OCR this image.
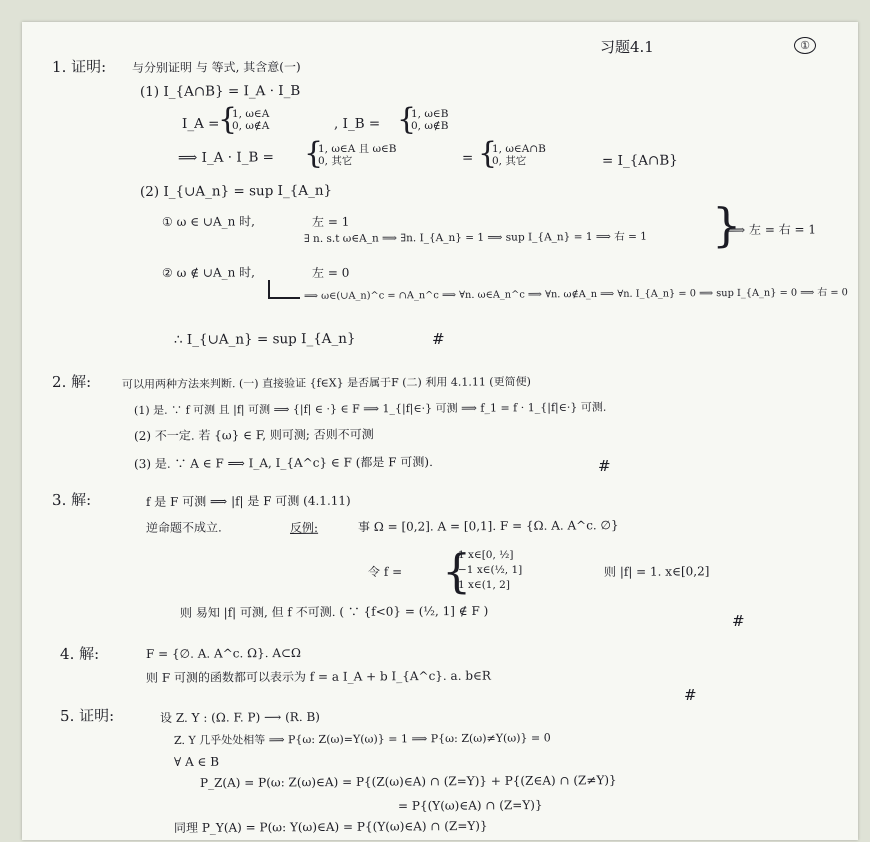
习题4.1	①
1. 证明: 与分别证明 与 等式, 其含意(一)
(1) I_{A∩B} = I_A · I_B
I_A =
{
1, ω∈A
0, ω∉A	, I_B = {
1, ω∈B
0, ω∉B
⟹ I_A · I_B = {
1, ω∈A 且 ω∈B
0, 其它	= {
1, ω∈A∩B
0, 其它	= I_{A∩B}
(2) I_{∪A_n} = sup I_{A_n}
① ω ∈ ∪A_n 时,	左 = 1
∃ n. s.t ω∈A_n ⟹ ∃n. I_{A_n} = 1 ⟹ sup I_{A_n} = 1 ⟹ 右 = 1 }
⟹ 左 = 右 = 1
② ω ∉ ∪A_n 时,	左 = 0
⟹ ω∈(∪A_n)^c = ∩A_n^c ⟹ ∀n. ω∈A_n^c ⟹ ∀n. ω∉A_n ⟹ ∀n. I_{A_n} = 0 ⟹ sup I_{A_n} = 0 ⟹ 右 = 0
∴ I_{∪A_n} = sup I_{A_n}	#
2. 解:	可以用两种方法来判断. (一) 直接验证 {f∈X} 是否属于F (二) 利用 4.1.11 (更简便)
(1) 是. ∵ f 可测 且 |f| 可测 ⟹ {|f| ∈ ·} ∈ F ⟹ 1_{|f|∈·} 可测 ⟹ f_1 = f · 1_{|f|∈·} 可测.
(2) 不一定. 若 {ω} ∈ F, 则可测; 否则不可测
(3) 是. ∵ A ∈ F ⟹ I_A, I_{A^c} ∈ F (都是 F 可测).	#
3. 解:	f 是 F 可测 ⟹ |f| 是 F 可测 (4.1.11)
逆命题不成立.	反例:	事 Ω = [0,2]. A = [0,1]. F = {Ω. A. A^c. ∅}
令 f = {
1 x∈[0, ½]
−1 x∈(½, 1]
1 x∈(1, 2]
则 |f| = 1. x∈[0,2]
则 易知 |f| 可测, 但 f 不可测. ( ∵ {f<0} = (½, 1] ∉ F )
#
4. 解:	F = {∅. A. A^c. Ω}. A⊂Ω
则 F 可测的函数都可以表示为 f = a I_A + b I_{A^c}. a. b∈R
#
5. 证明:	设 Z. Y : (Ω. F. P) ⟶ (R. B)
Z. Y 几乎处处相等 ⟹ P{ω: Z(ω)=Y(ω)} = 1 ⟹ P{ω: Z(ω)≠Y(ω)} = 0
∀ A ∈ B
P_Z(A) = P(ω: Z(ω)∈A) = P{(Z(ω)∈A) ∩ (Z=Y)} + P{(Z∈A) ∩ (Z≠Y)}
= P{(Y(ω)∈A) ∩ (Z=Y)}
同理 P_Y(A) = P(ω: Y(ω)∈A) = P{(Y(ω)∈A) ∩ (Z=Y)}
